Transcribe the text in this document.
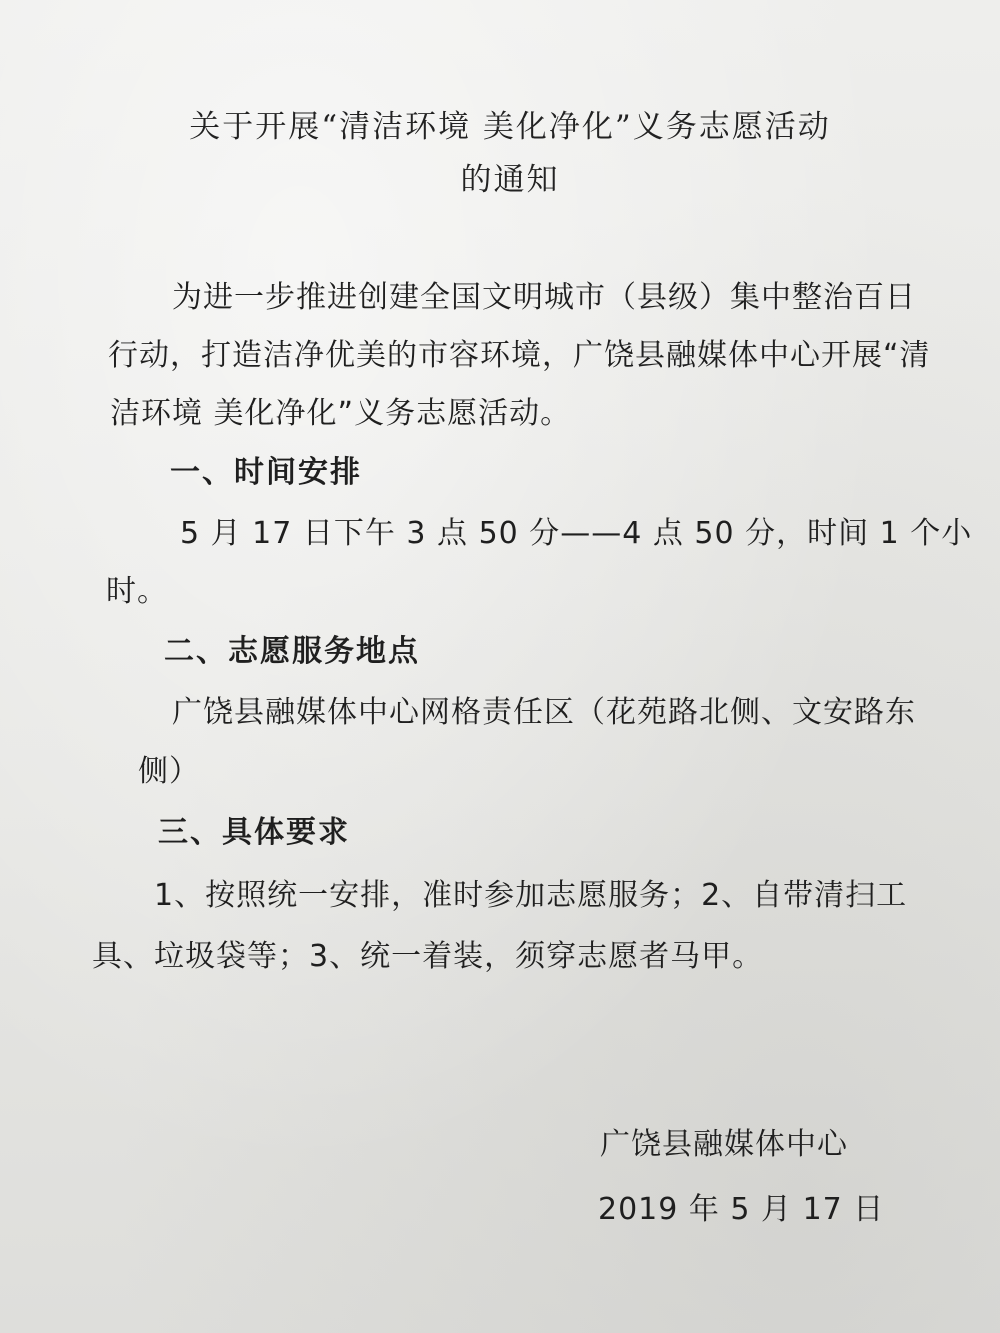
关于开展“清洁环境 美化净化”义务志愿活动
的通知
为进一步推进创建全国文明城市（县级）集中整治百日
行动，打造洁净优美的市容环境，广饶县融媒体中心开展“清
洁环境 美化净化”义务志愿活动。
一、时间安排
5 月 17 日下午 3 点 50 分——4 点 50 分，时间 1 个小
时。
二、志愿服务地点
广饶县融媒体中心网格责任区（花苑路北侧、文安路东
侧）
三、具体要求
1、按照统一安排，准时参加志愿服务；2、自带清扫工
具、垃圾袋等；3、统一着装，须穿志愿者马甲。
广饶县融媒体中心
2019 年 5 月 17 日
